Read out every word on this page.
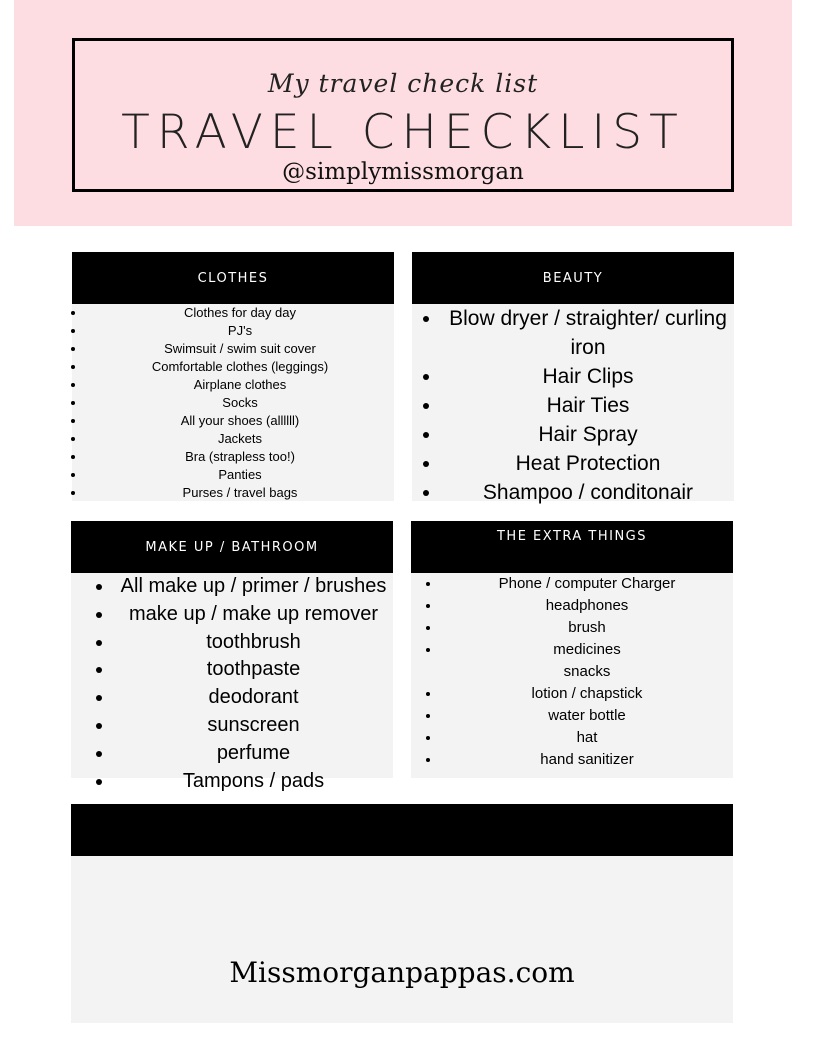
My travel check list
TRAVEL CHECKLIST
@simplymissmorgan
CLOTHES
• Clothes for day day
• PJ's
• Swimsuit / swim suit cover
• Comfortable clothes (leggings)
• Airplane clothes
• Socks
• All your shoes (allllll)
• Jackets
• Bra (strapless too!)
• Panties
• Purses / travel bags
BEAUTY
• Blow dryer / straighter/ curling iron
• Hair Clips
• Hair Ties
• Hair Spray
• Heat Protection
• Shampoo / conditonair
MAKE UP / BATHROOM
• All make up / primer / brushes
• make up / make up remover
• toothbrush
• toothpaste
• deodorant
• sunscreen
• perfume
• Tampons / pads
THE EXTRA THINGS
• Phone / computer Charger
• headphones
• brush
• medicines
snacks
• lotion / chapstick
• water bottle
• hat
• hand sanitizer
Missmorganpappas.com
